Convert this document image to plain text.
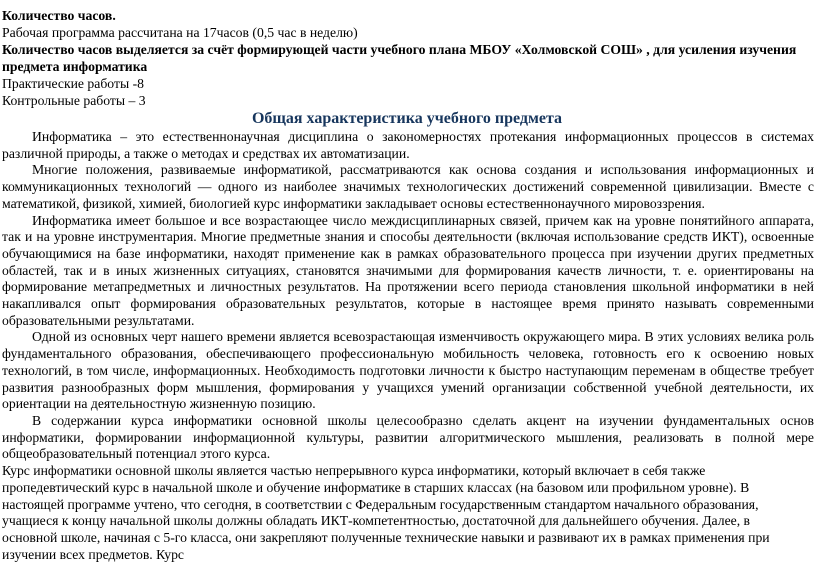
Количество часов.
Рабочая программа рассчитана на 17часов (0,5 час в неделю)
Количество часов выделяется за счёт формирующей части учебного плана МБОУ «Холмовской СОШ» , для усиления изучения предмета информатика
Практические работы -8
Контрольные работы – 3
Общая характеристика учебного предмета

Информатика – это естественнонаучная дисциплина о закономерностях протекания информационных процессов в системах различной природы, а также о методах и средствах их автоматизации.

Многие положения, развиваемые информатикой, рассматриваются как основа создания и использования информационных и коммуникационных технологий — одного из наиболее значимых технологических достижений современной цивилизации. Вместе с математикой, физикой, химией, биологией курс информатики закладывает основы естественнонаучного мировоззрения.

Информатика имеет большое и все возрастающее число междисциплинарных связей, причем как на уровне понятийного аппарата, так и на уровне инструментария. Многие предметные знания и способы деятельности (включая использование средств ИКТ), освоенные обучающимися на базе информатики, находят применение как в рамках образовательного процесса при изучении других предметных областей, так и в иных жизненных ситуациях, становятся значимыми для формирования качеств личности, т. е. ориентированы на формирование метапредметных и личностных результатов. На протяжении всего периода становления школьной информатики в ней накапливался опыт формирования образовательных результатов, которые в настоящее время принято называть современными образовательными результатами.

Одной из основных черт нашего времени является всевозрастающая изменчивость окружающего мира. В этих условиях велика роль фундаментального образования, обеспечивающего профессиональную мобильность человека, готовность его к освоению новых технологий, в том числе, информационных. Необходимость подготовки личности к быстро наступающим переменам в обществе требует развития разнообразных форм мышления, формирования у учащихся умений организации собственной учебной деятельности, их ориентации на деятельностную жизненную позицию.

В содержании курса информатики основной школы целесообразно сделать акцент на изучении фундаментальных основ информатики, формировании информационной культуры, развитии алгоритмического мышления, реализовать в полной мере общеобразовательный потенциал этого курса.

Курс информатики основной школы является частью непрерывного курса информатики, который включает в себя также пропедевтический курс в начальной школе и обучение информатике в старших классах (на базовом или профильном уровне). В настоящей программе учтено, что сегодня, в соответствии с Федеральным государственным стандартом начального образования, учащиеся к концу начальной школы должны обладать ИКТ-компетентностью, достаточной для дальнейшего обучения. Далее, в основной школе, начиная с 5-го класса, они закрепляют полученные технические навыки и развивают их в рамках применения при изучении всех предметов. Курс
